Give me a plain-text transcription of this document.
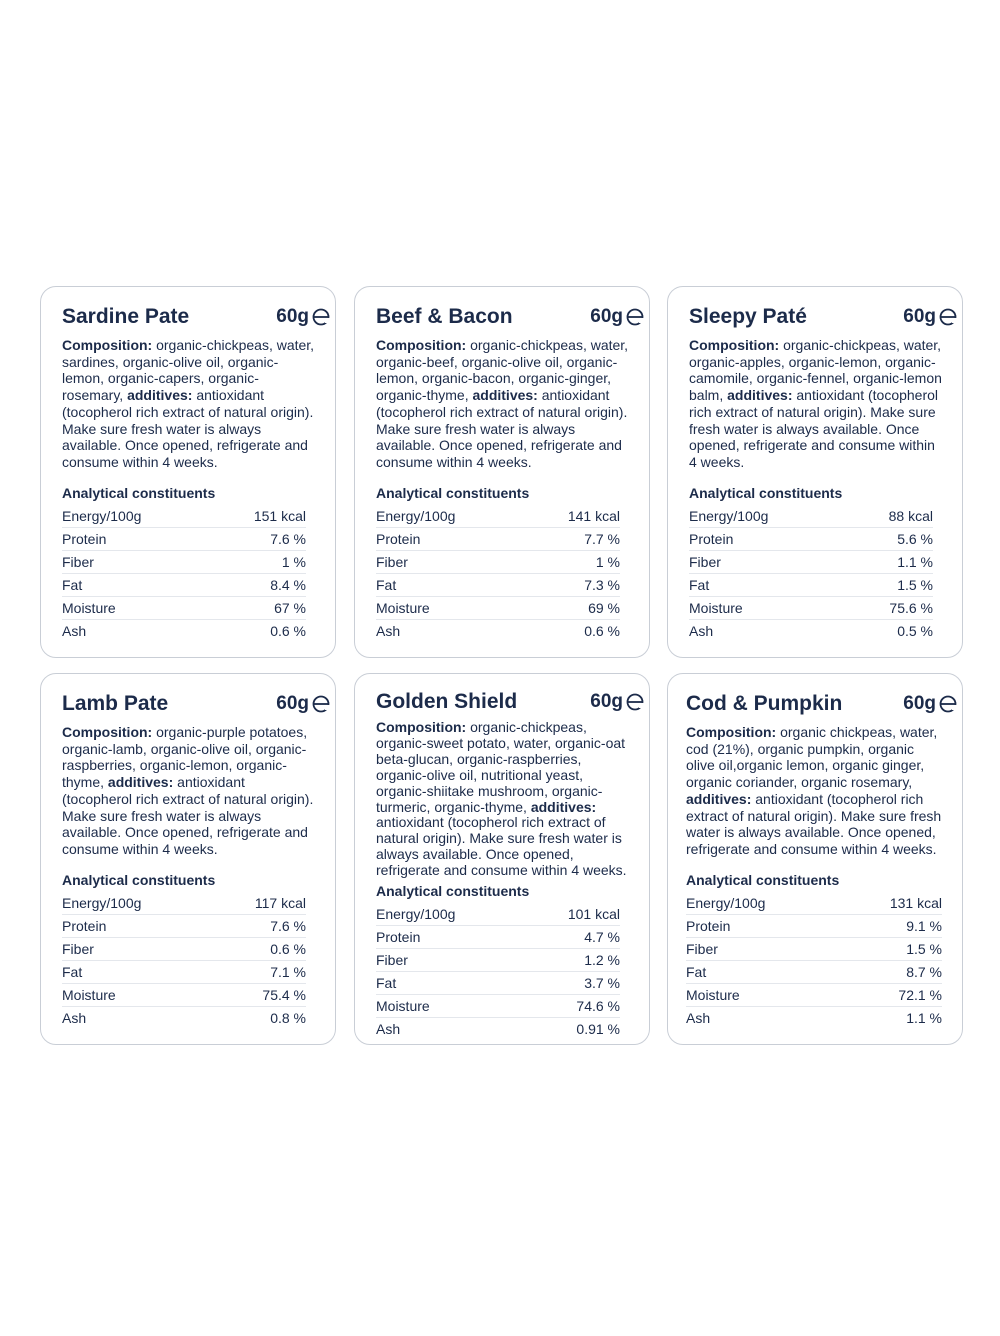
Sardine Pate	60g
Composition: organic-chickpeas, water, sardines, organic-olive oil, organic-lemon, organic-capers, organic-rosemary, additives: antioxidant (tocopherol rich extract of natural origin). Make sure fresh water is always available. Once opened, refrigerate and consume within 4 weeks.
Analytical constituents
Energy/100g	151 kcal
Protein	7.6 %
Fiber	1 %
Fat	8.4 %
Moisture	67 %
Ash	0.6 %
Beef & Bacon	60g
Composition: organic-chickpeas, water, organic-beef, organic-olive oil, organic-lemon, organic-bacon, organic-ginger, organic-thyme, additives: antioxidant (tocopherol rich extract of natural origin). Make sure fresh water is always available. Once opened, refrigerate and consume within 4 weeks.
Analytical constituents
Energy/100g	141 kcal
Protein	7.7 %
Fiber	1 %
Fat	7.3 %
Moisture	69 %
Ash	0.6 %
Sleepy Paté	60g
Composition: organic-chickpeas, water, organic-apples, organic-lemon, organic-camomile, organic-fennel, organic-lemon balm, additives: antioxidant (tocopherol rich extract of natural origin). Make sure fresh water is always available. Once opened, refrigerate and consume within 4 weeks.
Analytical constituents
Energy/100g	88 kcal
Protein	5.6 %
Fiber	1.1 %
Fat	1.5 %
Moisture	75.6 %
Ash	0.5 %
Lamb Pate	60g
Composition: organic-purple potatoes, organic-lamb, organic-olive oil, organic-raspberries, organic-lemon, organic-thyme, additives: antioxidant (tocopherol rich extract of natural origin). Make sure fresh water is always available. Once opened, refrigerate and consume within 4 weeks.
Analytical constituents
Energy/100g	117 kcal
Protein	7.6 %
Fiber	0.6 %
Fat	7.1 %
Moisture	75.4 %
Ash	0.8 %
Golden Shield	60g
Composition: organic-chickpeas, organic-sweet potato, water, organic-oat beta-glucan, organic-raspberries, organic-olive oil, nutritional yeast, organic-shiitake mushroom, organic-turmeric, organic-thyme, additives: antioxidant (tocopherol rich extract of natural origin). Make sure fresh water is always available. Once opened, refrigerate and consume within 4 weeks.
Analytical constituents
Energy/100g	101 kcal
Protein	4.7 %
Fiber	1.2 %
Fat	3.7 %
Moisture	74.6 %
Ash	0.91 %
Cod & Pumpkin	60g
Composition: organic chickpeas, water, cod (21%), organic pumpkin, organic olive oil,organic lemon, organic ginger, organic coriander, organic rosemary, additives: antioxidant (tocopherol rich extract of natural origin). Make sure fresh water is always available. Once opened, refrigerate and consume within 4 weeks.
Analytical constituents
Energy/100g	131 kcal
Protein	9.1 %
Fiber	1.5 %
Fat	8.7 %
Moisture	72.1 %
Ash	1.1 %
